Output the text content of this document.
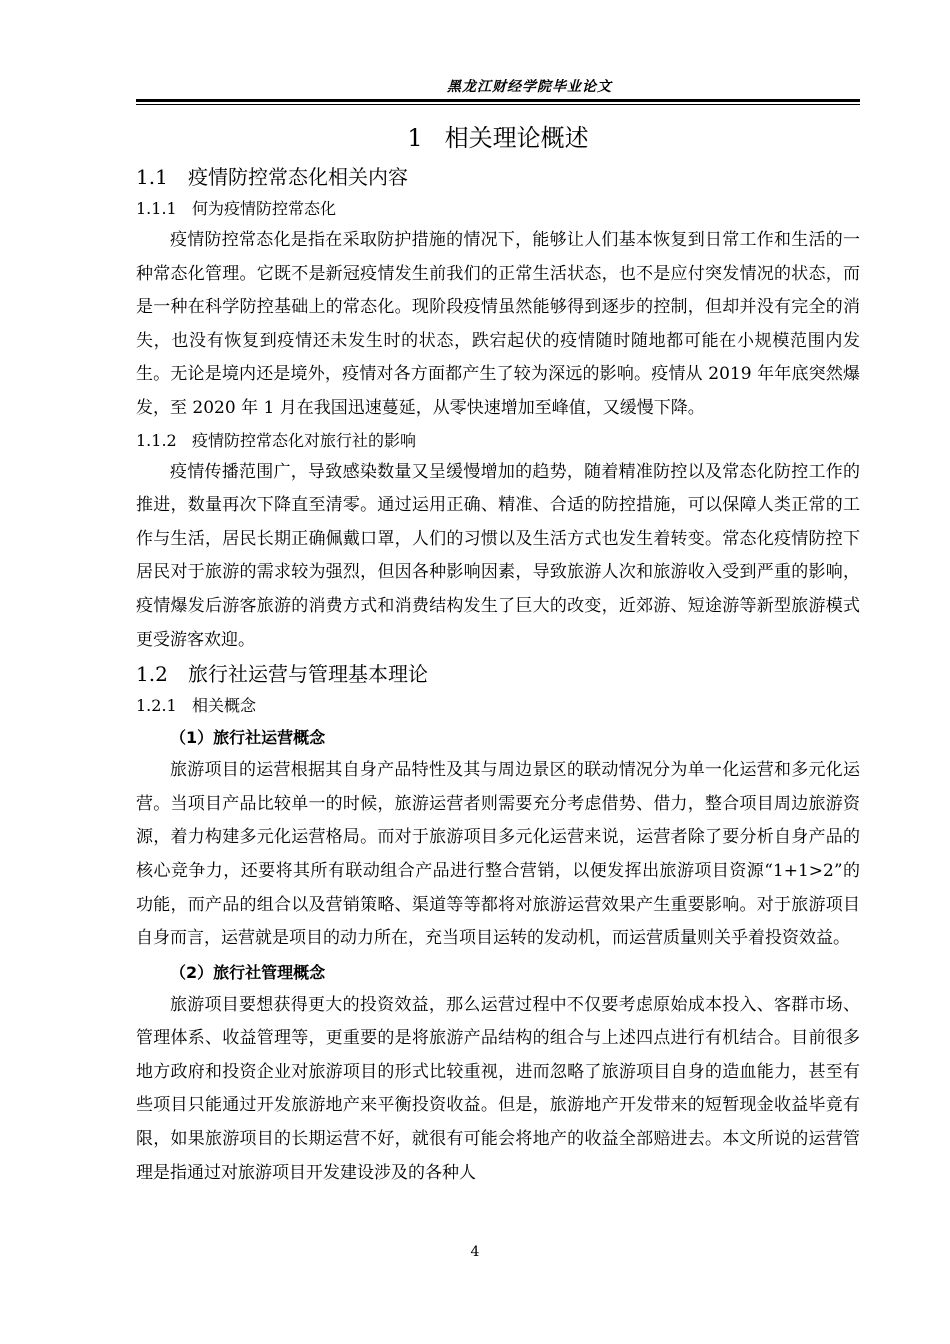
黑龙江财经学院毕业论文
1 相关理论概述
1.1 疫情防控常态化相关内容
1.1.1 何为疫情防控常态化

疫情防控常态化是指在采取防护措施的情况下，能够让人们基本恢复到日常工作和生活的一种常态化管理。它既不是新冠疫情发生前我们的正常生活状态，也不是应付突发情况的状态，而是一种在科学防控基础上的常态化。现阶段疫情虽然能够得到逐步的控制，但却并没有完全的消失，也没有恢复到疫情还未发生时的状态，跌宕起伏的疫情随时随地都可能在小规模范围内发生。无论是境内还是境外，疫情对各方面都产生了较为深远的影响。疫情从 2019 年年底突然爆发，至 2020 年 1 月在我国迅速蔓延，从零快速增加至峰值，又缓慢下降。

1.1.2 疫情防控常态化对旅行社的影响

疫情传播范围广，导致感染数量又呈缓慢增加的趋势，随着精准防控以及常态化防控工作的推进，数量再次下降直至清零。通过运用正确、精准、合适的防控措施，可以保障人类正常的工作与生活，居民长期正确佩戴口罩，人们的习惯以及生活方式也发生着转变。常态化疫情防控下居民对于旅游的需求较为强烈，但因各种影响因素，导致旅游人次和旅游收入受到严重的影响，疫情爆发后游客旅游的消费方式和消费结构发生了巨大的改变，近郊游、短途游等新型旅游模式更受游客欢迎。

1.2 旅行社运营与管理基本理论
1.2.1 相关概念
（1）旅行社运营概念

旅游项目的运营根据其自身产品特性及其与周边景区的联动情况分为单一化运营和多元化运营。当项目产品比较单一的时候，旅游运营者则需要充分考虑借势、借力，整合项目周边旅游资源，着力构建多元化运营格局。而对于旅游项目多元化运营来说，运营者除了要分析自身产品的核心竞争力，还要将其所有联动组合产品进行整合营销，以便发挥出旅游项目资源“1+1>2”的功能，而产品的组合以及营销策略、渠道等等都将对旅游运营效果产生重要影响。对于旅游项目自身而言，运营就是项目的动力所在，充当项目运转的发动机，而运营质量则关乎着投资效益。

（2）旅行社管理概念

旅游项目要想获得更大的投资效益，那么运营过程中不仅要考虑原始成本投入、客群市场、管理体系、收益管理等，更重要的是将旅游产品结构的组合与上述四点进行有机结合。目前很多地方政府和投资企业对旅游项目的形式比较重视，进而忽略了旅游项目自身的造血能力，甚至有些项目只能通过开发旅游地产来平衡投资收益。但是，旅游地产开发带来的短暂现金收益毕竟有限，如果旅游项目的长期运营不好，就很有可能会将地产的收益全部赔进去。本文所说的运营管理是指通过对旅游项目开发建设涉及的各种人

4
